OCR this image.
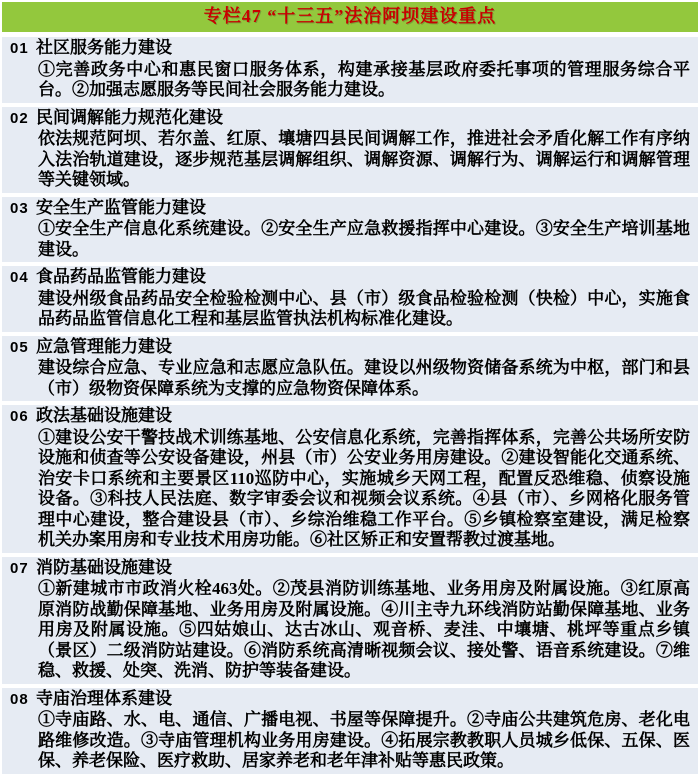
专栏47 “十三五”法治阿坝建设重点
01 社区服务能力建设
①完善政务中心和惠民窗口服务体系，构建承接基层政府委托事项的管理服务综合平台。②加强志愿服务等民间社会服务能力建设。
02 民间调解能力规范化建设
依法规范阿坝、若尔盖、红原、壤塘四县民间调解工作，推进社会矛盾化解工作有序纳入法治轨道建设，逐步规范基层调解组织、调解资源、调解行为、调解运行和调解管理等关键领域。
03 安全生产监管能力建设
①安全生产信息化系统建设。②安全生产应急救援指挥中心建设。③安全生产培训基地建设。
04 食品药品监管能力建设
建设州级食品药品安全检验检测中心、县（市）级食品检验检测（快检）中心，实施食品药品监管信息化工程和基层监管执法机构标准化建设。
05 应急管理能力建设
建设综合应急、专业应急和志愿应急队伍。建设以州级物资储备系统为中枢，部门和县（市）级物资保障系统为支撑的应急物资保障体系。
06 政法基础设施建设
①建设公安干警技战术训练基地、公安信息化系统，完善指挥体系，完善公共场所安防设施和侦查等公安设备建设，州县（市）公安业务用房建设。②建设智能化交通系统、治安卡口系统和主要景区110巡防中心，实施城乡天网工程，配置反恐维稳、侦察设施设备。③科技人民法庭、数字审委会议和视频会议系统。④县（市）、乡网格化服务管理中心建设，整合建设县（市）、乡综治维稳工作平台。⑤乡镇检察室建设，满足检察机关办案用房和专业技术用房功能。⑥社区矫正和安置帮教过渡基地。
07 消防基础设施建设
①新建城市市政消火栓463处。②茂县消防训练基地、业务用房及附属设施。③红原高原消防战勤保障基地、业务用房及附属设施。④川主寺九环线消防站勤保障基地、业务用房及附属设施。⑤四姑娘山、达古冰山、观音桥、麦洼、中壤塘、桃坪等重点乡镇（景区）二级消防站建设。⑥消防系统高清晰视频会议、接处警、语音系统建设。⑦维稳、救援、处突、洗消、防护等装备建设。
08 寺庙治理体系建设
①寺庙路、水、电、通信、广播电视、书屋等保障提升。②寺庙公共建筑危房、老化电路维修改造。③寺庙管理机构业务用房建设。④拓展宗教教职人员城乡低保、五保、医保、养老保险、医疗救助、居家养老和老年津补贴等惠民政策。
